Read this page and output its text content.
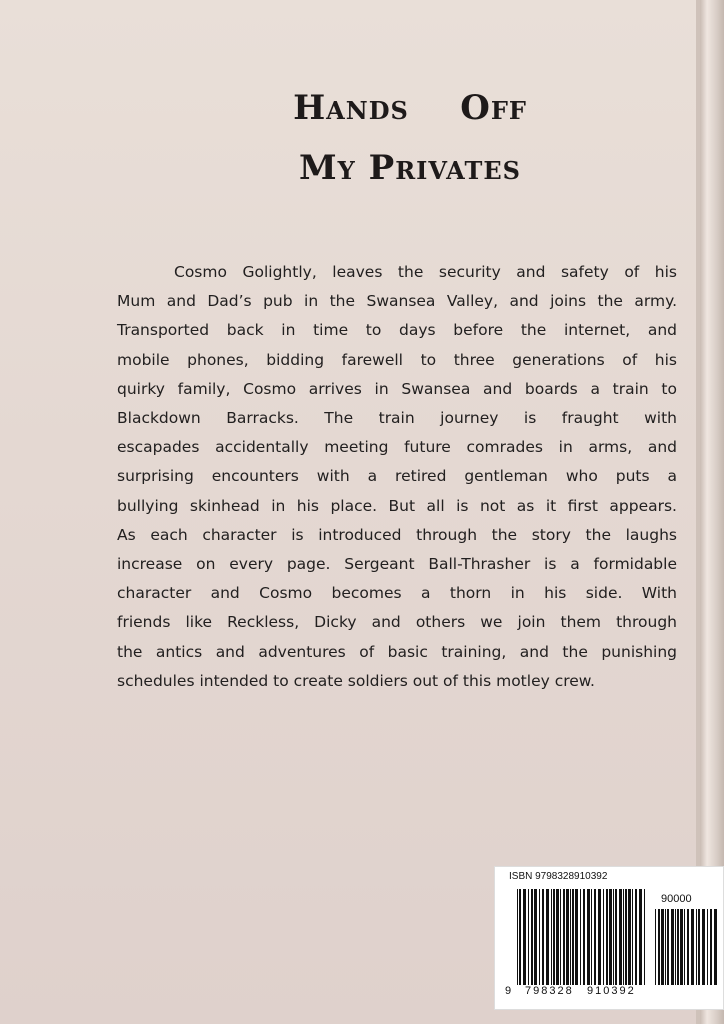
Hands    Off
My Privates
Cosmo Golightly, leaves the security and safety of his
Mum and Dad’s pub in the Swansea Valley, and joins the army.
Transported back in time to days before the internet, and
mobile phones, bidding farewell to three generations of his
quirky family, Cosmo arrives in Swansea and boards a train to
Blackdown Barracks. The train journey is fraught with
escapades accidentally meeting future comrades in arms, and
surprising encounters with a retired gentleman who puts a
bullying skinhead in his place. But all is not as it first appears.
As each character is introduced through the story the laughs
increase on every page. Sergeant Ball-Thrasher is a formidable
character and Cosmo becomes a thorn in his side. With
friends like Reckless, Dicky and others we join them through
the antics and adventures of basic training, and the punishing
schedules intended to create soldiers out of this motley crew.
ISBN 9798328910392
90000
9 798328 910392
